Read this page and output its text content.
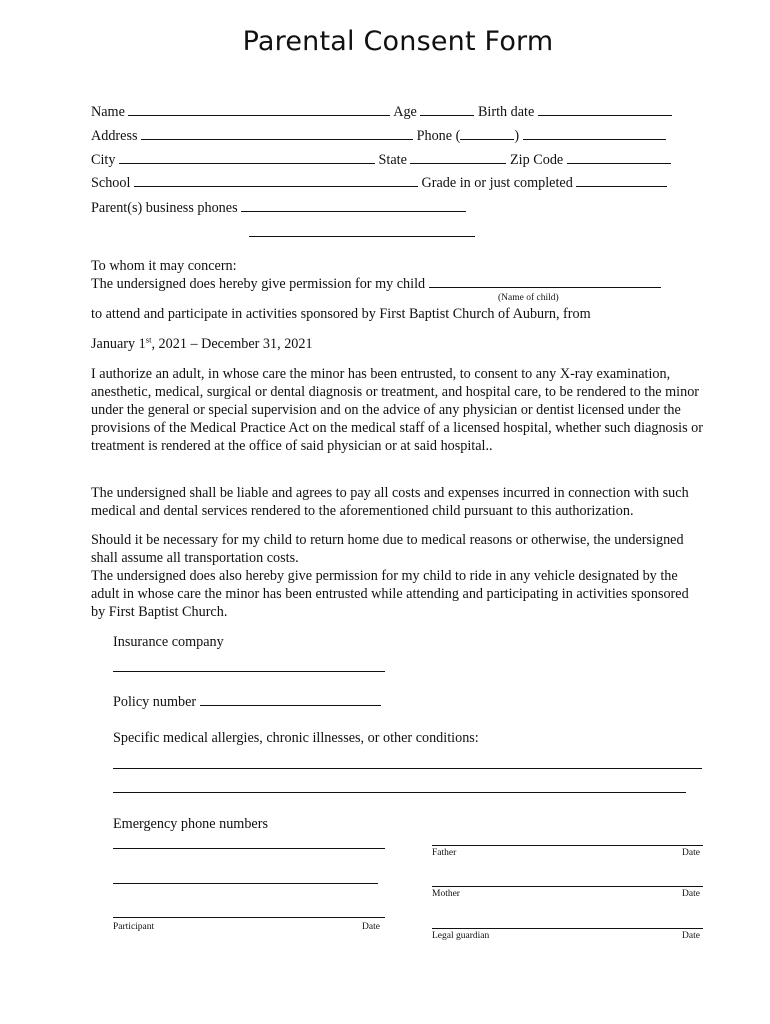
Parental Consent Form
Name	Age	Birth date
Address	Phone (	)
City	State	Zip Code
School	Grade in or just completed
Parent(s) business phones
To whom it may concern:
The undersigned does hereby give permission for my child
(Name of child)
to attend and participate in activities sponsored by First Baptist Church of Auburn, from
January 1st, 2021 – December 31, 2021
I authorize an adult, in whose care the minor has been entrusted, to consent to any X-ray examination, anesthetic, medical, surgical or dental diagnosis or treatment, and hospital care, to be rendered to the minor under the general or special supervision and on the advice of any physician or dentist licensed under the provisions of the Medical Practice Act on the medical staff of a licensed hospital, whether such diagnosis or treatment is rendered at the office of said physician or at said hospital..
The undersigned shall be liable and agrees to pay all costs and expenses incurred in connection with such medical and dental services rendered to the aforementioned child pursuant to this authorization.
Should it be necessary for my child to return home due to medical reasons or otherwise, the undersigned shall assume all transportation costs.
The undersigned does also hereby give permission for my child to ride in any vehicle designated by the adult in whose care the minor has been entrusted while attending and participating in activities sponsored by First Baptist Church.
Insurance company
Policy number
Specific medical allergies, chronic illnesses, or other conditions:
Emergency phone numbers
Participant	Date
Father	Date
Mother	Date
Legal guardian	Date
